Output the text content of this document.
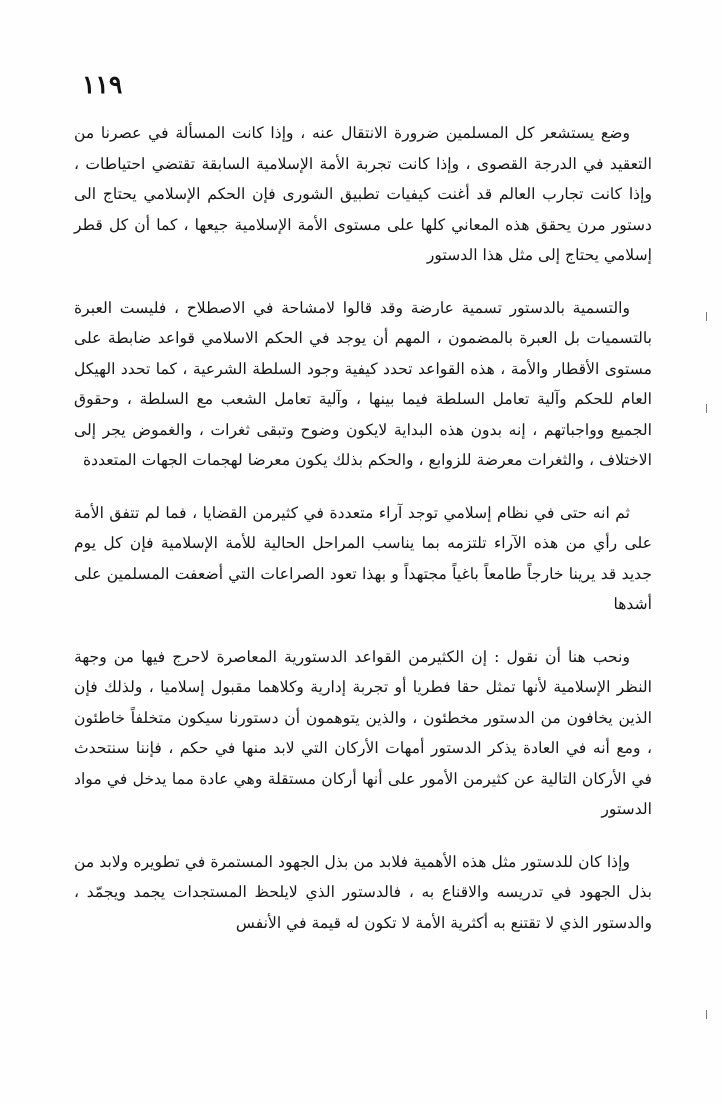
١١٩

وضع يستشعر كل المسلمين ضرورة الانتقال عنه ، وإذا كانت المسألة في عصرنا من التعقيد في الدرجة القصوى ، وإذا كانت تجربة الأمة الإسلامية السابقة تقتضي احتياطات ، وإذا كانت تجارب العالم قد أغنت كيفيات تطبيق الشورى فإن الحكم الإسلامي يحتاج الى دستور مرن يحقق هذه المعاني كلها على مستوى الأمة الإسلامية جيعها ، كما أن كل قطر إسلامي يحتاج إلى مثل هذا الدستور

والتسمية بالدستور تسمية عارضة وقد قالوا لامشاحة في الاصطلاح ، فليست العبرة بالتسميات بل العبرة بالمضمون ، المهم أن يوجد في الحكم الاسلامي قواعد ضابطة على مستوى الأقطار والأمة ، هذه القواعد تحدد كيفية وجود السلطة الشرعية ، كما تحدد الهيكل العام للحكم وآلية تعامل السلطة فيما بينها ، وآلية تعامل الشعب مع السلطة ، وحقوق الجميع وواجباتهم ، إنه بدون هذه البداية لايكون وضوح وتبقى ثغرات ، والغموض يجر إلى الاختلاف ، والثغرات معرضة للزوابع ، والحكم بذلك يكون معرضا لهجمات الجهات المتعددة

ثم انه حتى في نظام إسلامي توجد آراء متعددة في كثيرمن القضايا ، فما لم تتفق الأمة على رأي من هذه الآراء تلتزمه بما يناسب المراحل الحالية للأمة الإسلامية فإن كل يوم جديد قد يرينا خارجاً طامعاً باغياً مجتهداً و بهذا تعود الصراعات التي أضعفت المسلمين على أشدها

ونحب هنا أن نقول : إن الكثيرمن القواعد الدستورية المعاصرة لاحرج فيها من وجهة النظر الإسلامية لأنها تمثل حقا فطريا أو تجربة إدارية وكلاهما مقبول إسلاميا ، ولذلك فإن الذين يخافون من الدستور مخطئون ، والذين يتوهمون أن دستورنا سيكون متخلفاً خاطئون ، ومع أنه في العادة يذكر الدستور أمهات الأركان التي لابد منها في حكم ، فإننا سنتحدث في الأركان التالية عن كثيرمن الأمور على أنها أركان مستقلة وهي عادة مما يدخل في مواد الدستور

وإذا كان للدستور مثل هذه الأهمية فلابد من بذل الجهود المستمرة في تطويره ولابد من بذل الجهود في تدريسه والاقناع به ، فالدستور الذي لايلحظ المستجدات يجمد ويجمّد ، والدستور الذي لا تقتنع به أكثرية الأمة لا تكون له قيمة في الأنفس
